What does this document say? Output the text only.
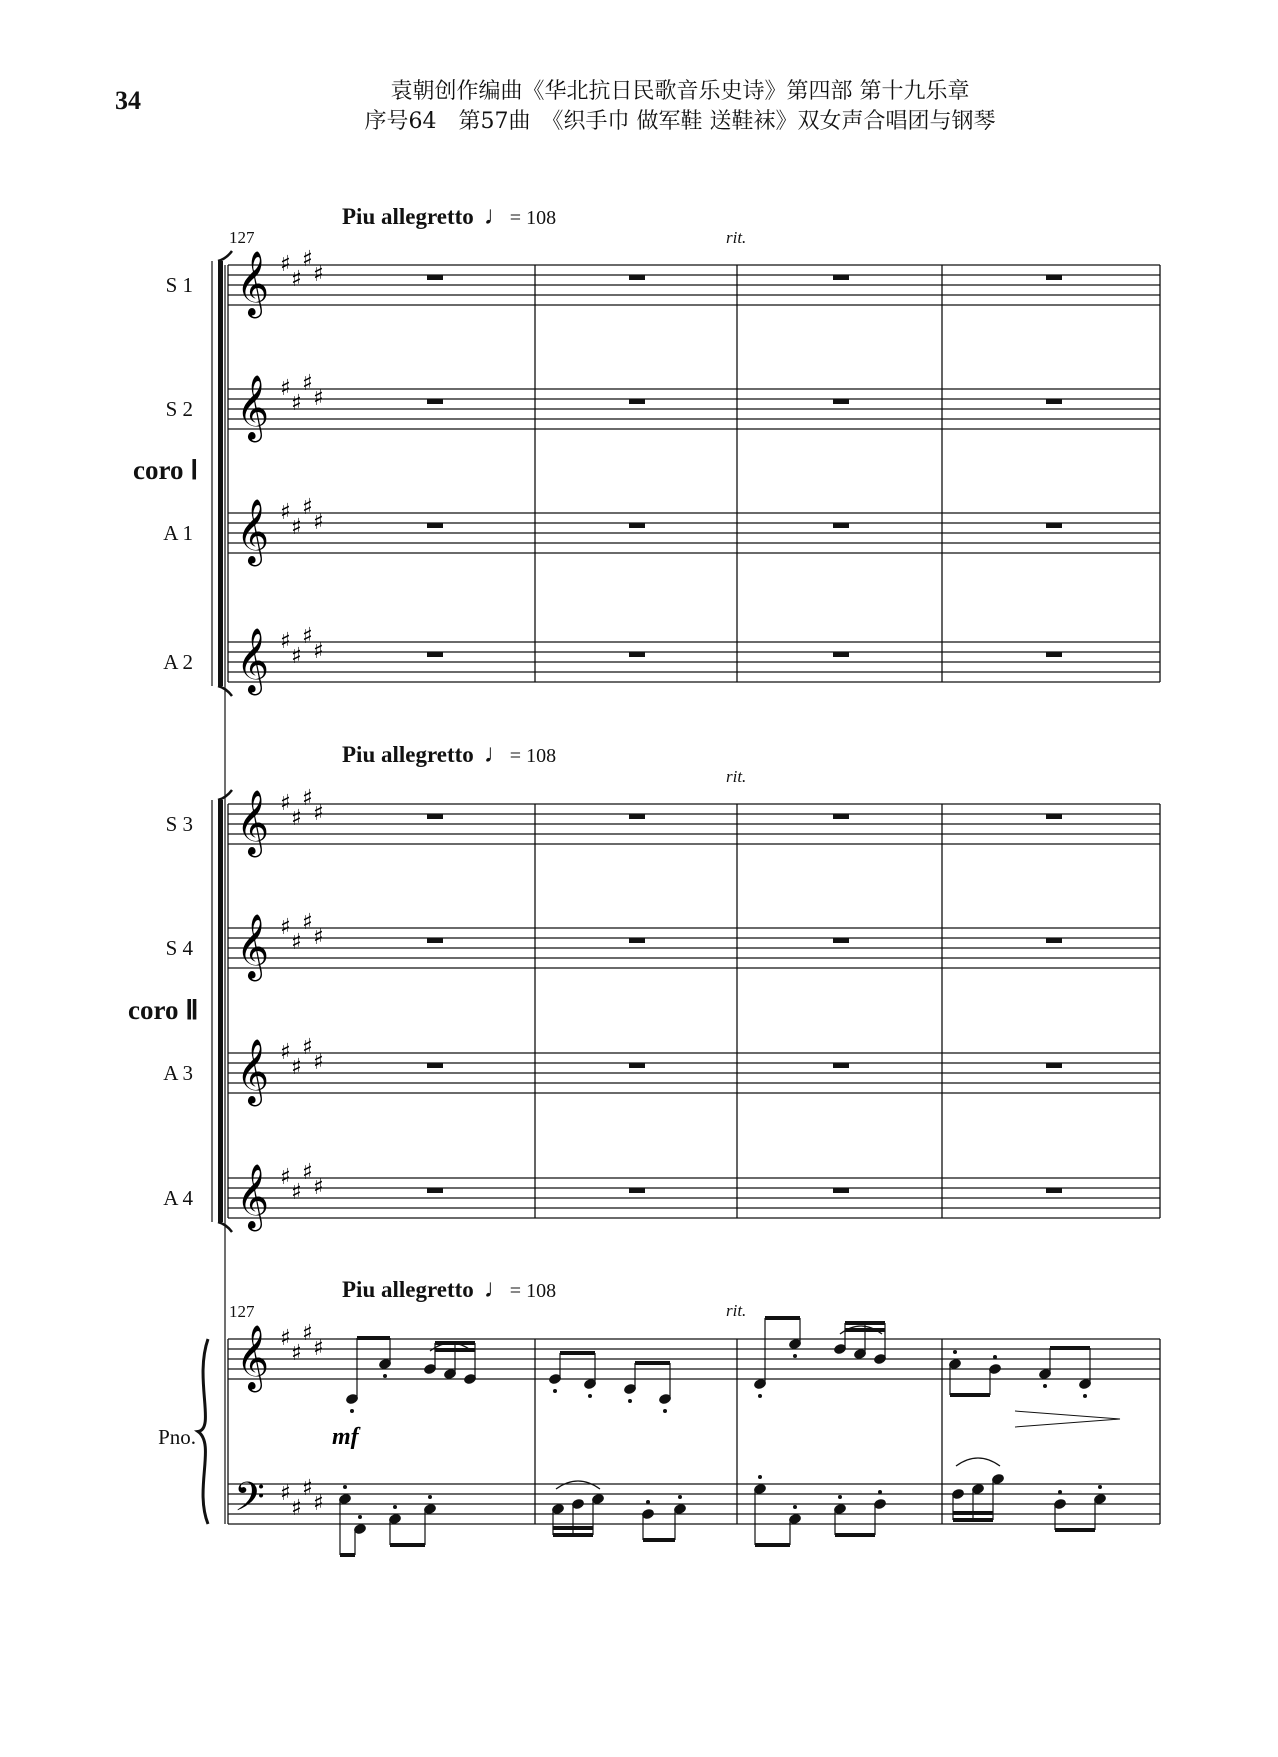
34	袁朝创作编曲《华北抗日民歌音乐史诗》第四部 第十九乐章
序号64　第57曲　《织手巾 做军鞋 送鞋袜》双女声合唱团与钢琴
Piu allegretto ♩= 108
Piu allegretto ♩= 108
Piu allegretto ♩= 108
rit.
rit.
rit.
127
127
S 1
S 2
A 1
A 2
coro Ⅰ
S 3
S 4
A 3
A 4
coro Ⅱ
Pno.
𝄞 ♯
♯
♯
♯
𝄞 ♯
♯
♯
♯
𝄞 ♯
♯
♯
♯
𝄞 ♯
♯
♯
♯
𝄞 ♯
♯
♯
♯
𝄞 ♯
♯
♯
♯
𝄞 ♯
♯
♯
♯
𝄞 ♯
♯
♯
♯
𝄞 ♯
♯
♯
♯
𝄢 ♯
♯
♯
♯
mf
